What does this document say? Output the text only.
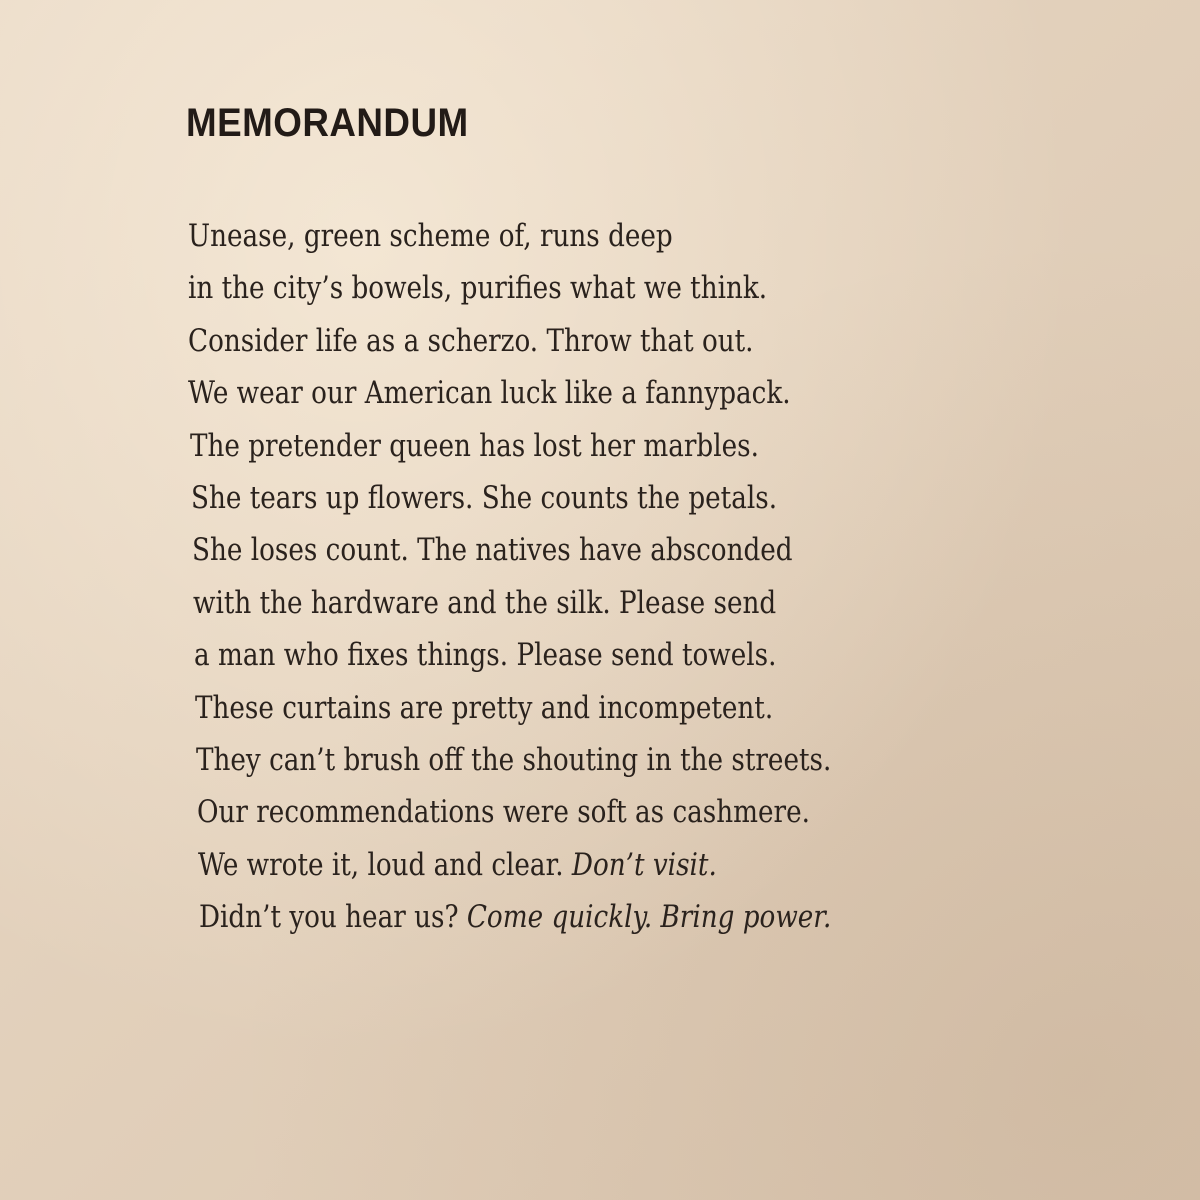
MEMORANDUM
Unease, green scheme of, runs deep
in the city’s bowels, purifies what we think.
Consider life as a scherzo. Throw that out.
We wear our American luck like a fannypack.
The pretender queen has lost her marbles.
She tears up flowers. She counts the petals.
She loses count. The natives have absconded
with the hardware and the silk. Please send
a man who fixes things. Please send towels.
These curtains are pretty and incompetent.
They can’t brush off the shouting in the streets.
Our recommendations were soft as cashmere.
We wrote it, loud and clear. Don’t visit.
Didn’t you hear us? Come quickly. Bring power.
